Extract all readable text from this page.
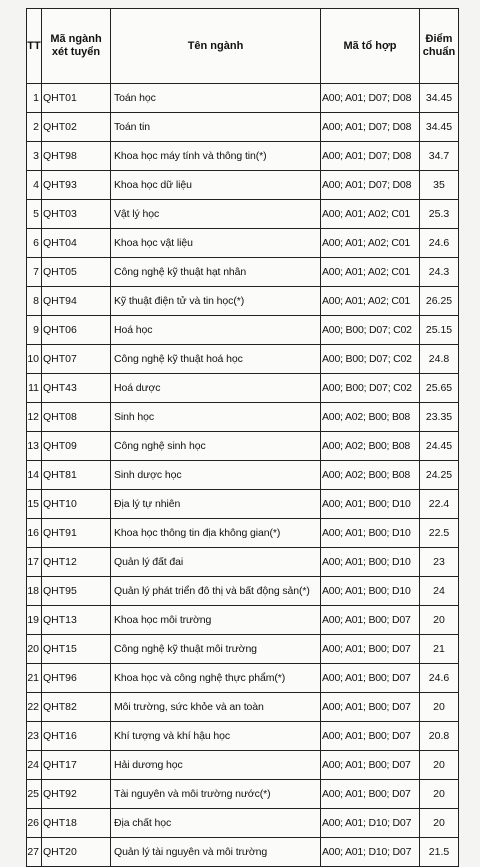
TT	Mã ngành xét tuyển	Tên ngành	Mã tổ hợp	Điểm chuẩn
1	QHT01	Toán học	A00; A01; D07; D08	34.45
2	QHT02	Toán tin	A00; A01; D07; D08	34.45
3	QHT98	Khoa học máy tính và thông tin(*)	A00; A01; D07; D08	34.7
4	QHT93	Khoa học dữ liệu	A00; A01; D07; D08	35
5	QHT03	Vật lý học	A00; A01; A02; C01	25.3
6	QHT04	Khoa học vật liệu	A00; A01; A02; C01	24.6
7	QHT05	Công nghệ kỹ thuật hạt nhân	A00; A01; A02; C01	24.3
8	QHT94	Kỹ thuật điện tử và tin học(*)	A00; A01; A02; C01	26.25
9	QHT06	Hoá học	A00; B00; D07; C02	25.15
10	QHT07	Công nghệ kỹ thuật hoá học	A00; B00; D07; C02	24.8
11	QHT43	Hoá dược	A00; B00; D07; C02	25.65
12	QHT08	Sinh học	A00; A02; B00; B08	23.35
13	QHT09	Công nghệ sinh học	A00; A02; B00; B08	24.45
14	QHT81	Sinh dược học	A00; A02; B00; B08	24.25
15	QHT10	Địa lý tự nhiên	A00; A01; B00; D10	22.4
16	QHT91	Khoa học thông tin địa không gian(*)	A00; A01; B00; D10	22.5
17	QHT12	Quản lý đất đai	A00; A01; B00; D10	23
18	QHT95	Quản lý phát triển đô thị và bất động sản(*)	A00; A01; B00; D10	24
19	QHT13	Khoa học môi trường	A00; A01; B00; D07	20
20	QHT15	Công nghệ kỹ thuật môi trường	A00; A01; B00; D07	21
21	QHT96	Khoa học và công nghệ thực phẩm(*)	A00; A01; B00; D07	24.6
22	QHT82	Môi trường, sức khỏe và an toàn	A00; A01; B00; D07	20
23	QHT16	Khí tượng và khí hậu học	A00; A01; B00; D07	20.8
24	QHT17	Hải dương học	A00; A01; B00; D07	20
25	QHT92	Tài nguyên và môi trường nước(*)	A00; A01; B00; D07	20
26	QHT18	Địa chất học	A00; A01; D10; D07	20
27	QHT20	Quản lý tài nguyên và môi trường	A00; A01; D10; D07	21.5
